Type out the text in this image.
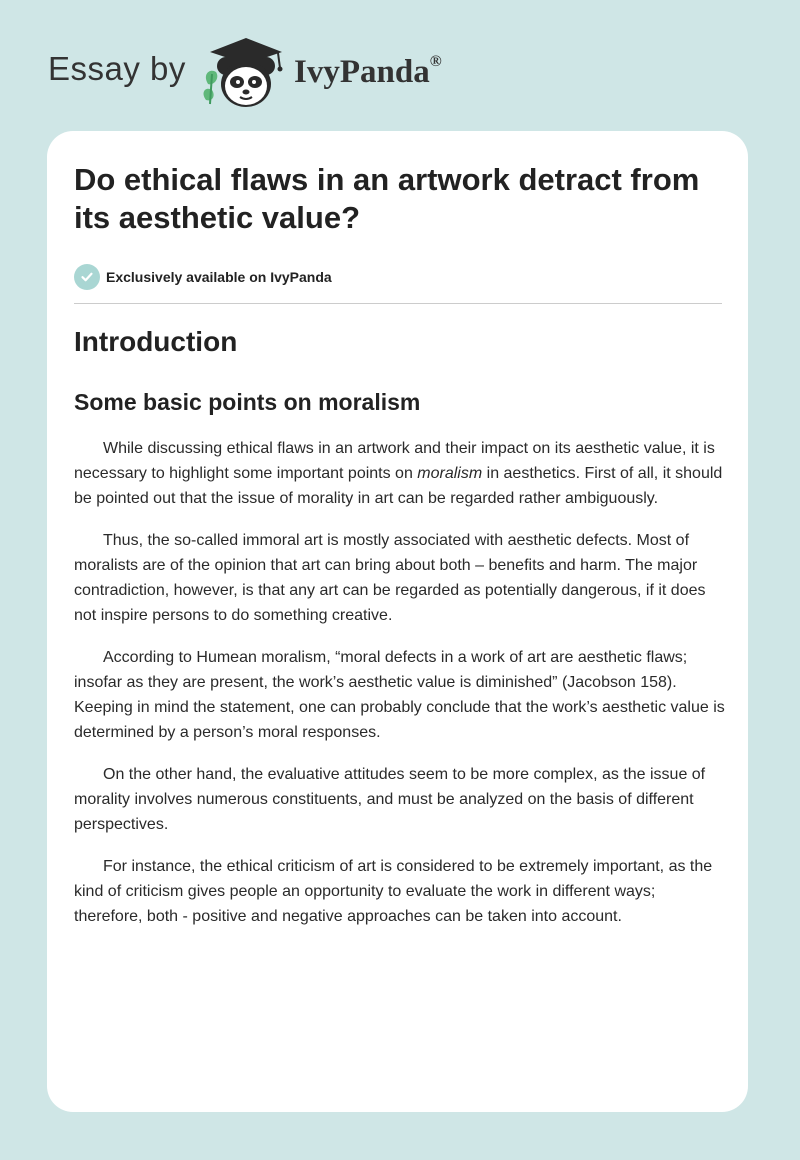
Essay by	IvyPanda®
Do ethical flaws in an artwork detract from its aesthetic value?
Exclusively available on IvyPanda
Introduction
Some basic points on moralism

While discussing ethical flaws in an artwork and their impact on its aesthetic value, it is necessary to highlight some important points on moralism in aesthetics. First of all, it should be pointed out that the issue of morality in art can be regarded rather ambiguously.

Thus, the so-called immoral art is mostly associated with aesthetic defects. Most of moralists are of the opinion that art can bring about both – benefits and harm. The major contradiction, however, is that any art can be regarded as potentially dangerous, if it does not inspire persons to do something creative.

According to Humean moralism, “moral defects in a work of art are aesthetic flaws; insofar as they are present, the work’s aesthetic value is diminished” (Jacobson 158). Keeping in mind the statement, one can probably conclude that the work’s aesthetic value is determined by a person’s moral responses.

On the other hand, the evaluative attitudes seem to be more complex, as the issue of morality involves numerous constituents, and must be analyzed on the basis of different perspectives.

For instance, the ethical criticism of art is considered to be extremely important, as the kind of criticism gives people an opportunity to evaluate the work in different ways; therefore, both - positive and negative approaches can be taken into account.
